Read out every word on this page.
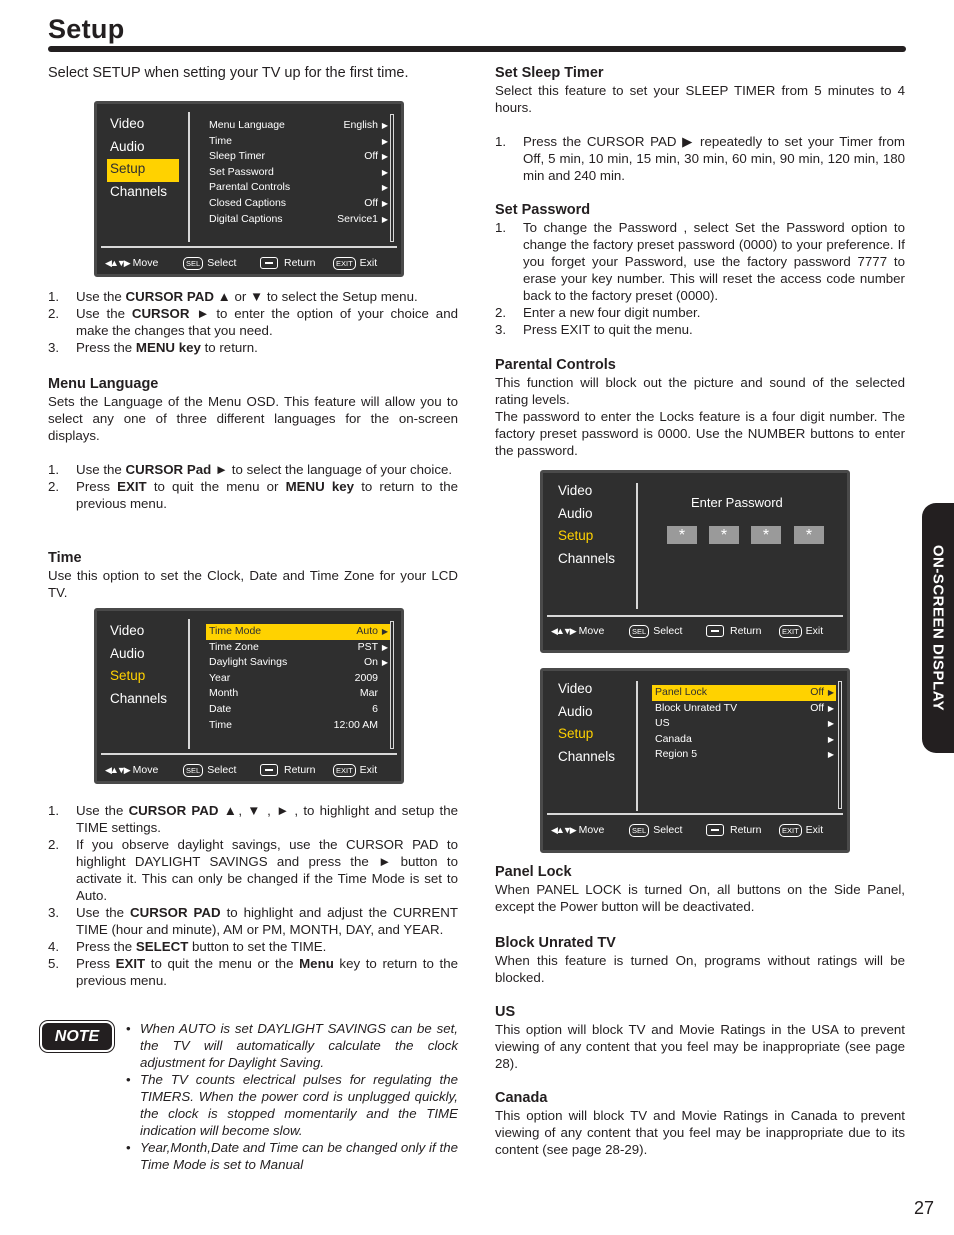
Setup
Select SETUP when setting your TV up for the first time.
Video
Audio
Setup
Channels
Menu Language	English ▶
Time	▶
Sleep Timer	Off ▶
Set Password	▶
Parental Controls	▶
Closed Captions	Off ▶
Digital Captions	Service1 ▶
◀▲▼▶ Move	SEL Select	Return	EXIT Exit
1. Use the CURSOR PAD ▲ or ▼ to select the Setup menu.
2. Use the CURSOR ► to enter the option of your choice and make the changes that you need.
3. Press the MENU key to return.
Menu Language
Sets the Language of the Menu OSD. This feature will allow you to select any one of three different languages for the on-screen displays.
1. Use the CURSOR Pad ► to select the language of your choice.
2. Press EXIT to quit the menu or MENU key to return to the previous menu.
Time
Use this option to set the Clock, Date and Time Zone for your LCD TV.
Video
Audio
Setup
Channels
Time Mode	Auto ▶
Time Zone	PST ▶
Daylight Savings	On ▶
Year	2009
Month	Mar
Date	6
Time	12:00 AM
◀▲▼▶ Move	SEL Select	Return	EXIT Exit
1. Use the CURSOR PAD ▲, ▼ , ► , to highlight and setup the TIME settings.
2. If you observe daylight savings, use the CURSOR PAD to highlight DAYLIGHT SAVINGS and press the ► button to activate it. This can only be changed if the Time Mode is set to Auto.
3. Use the CURSOR PAD to highlight and adjust the CURRENT TIME (hour and minute), AM or PM, MONTH, DAY, and YEAR.
4. Press the SELECT button to set the TIME.
5. Press EXIT to quit the menu or the Menu key to return to the previous menu.
NOTE	• When AUTO is set DAYLIGHT SAVINGS can be set, the TV will automatically calculate the clock adjustment for Daylight Saving.
• The TV counts electrical pulses for regulating the TIMERS. When the power cord is unplugged quickly, the clock is stopped momentarily and the TIME indication will become slow.
• Year,Month,Date and Time can be changed only if the Time Mode is set to Manual
Set Sleep Timer
Select this feature to set your SLEEP TIMER from 5 minutes to 4 hours.
1. Press the CURSOR PAD ▶ repeatedly to set your Timer from Off, 5 min, 10 min, 15 min, 30 min, 60 min, 90 min, 120 min, 180 min and 240 min.
Set Password
1. To change the Password , select Set the Password option to change the factory preset password (0000) to your preference. If you forget your Password, use the factory password 7777 to erase your key number. This will reset the access code number back to the factory preset (0000).
2. Enter a new four digit number.
3. Press EXIT to quit the menu.
Parental Controls
This function will block out the picture and sound of the selected rating levels.
The password to enter the Locks feature is a four digit number. The factory preset password is 0000. Use the NUMBER buttons to enter the password.
Video
Audio
Setup
Channels
Enter Password
*	*	*	*
◀▲▼▶ Move	SEL Select	Return	EXIT Exit
Video
Audio
Setup
Channels
Panel Lock	Off ▶
Block Unrated TV	Off ▶
US	▶
Canada	▶
Region 5	▶
◀▲▼▶ Move	SEL Select	Return	EXIT Exit
Panel Lock
When PANEL LOCK is turned On, all buttons on the Side Panel, except the Power button will be deactivated.
Block Unrated TV
When this feature is turned On, programs without ratings will be blocked.
US
This option will block TV and Movie Ratings in the USA to prevent viewing of any content that you feel may be inappropriate (see page 28).
Canada
This option will block TV and Movie Ratings in Canada to prevent viewing of any content that you feel may be inappropriate due to its content (see page 28-29).
ON-SCREEN DISPLAY
27
